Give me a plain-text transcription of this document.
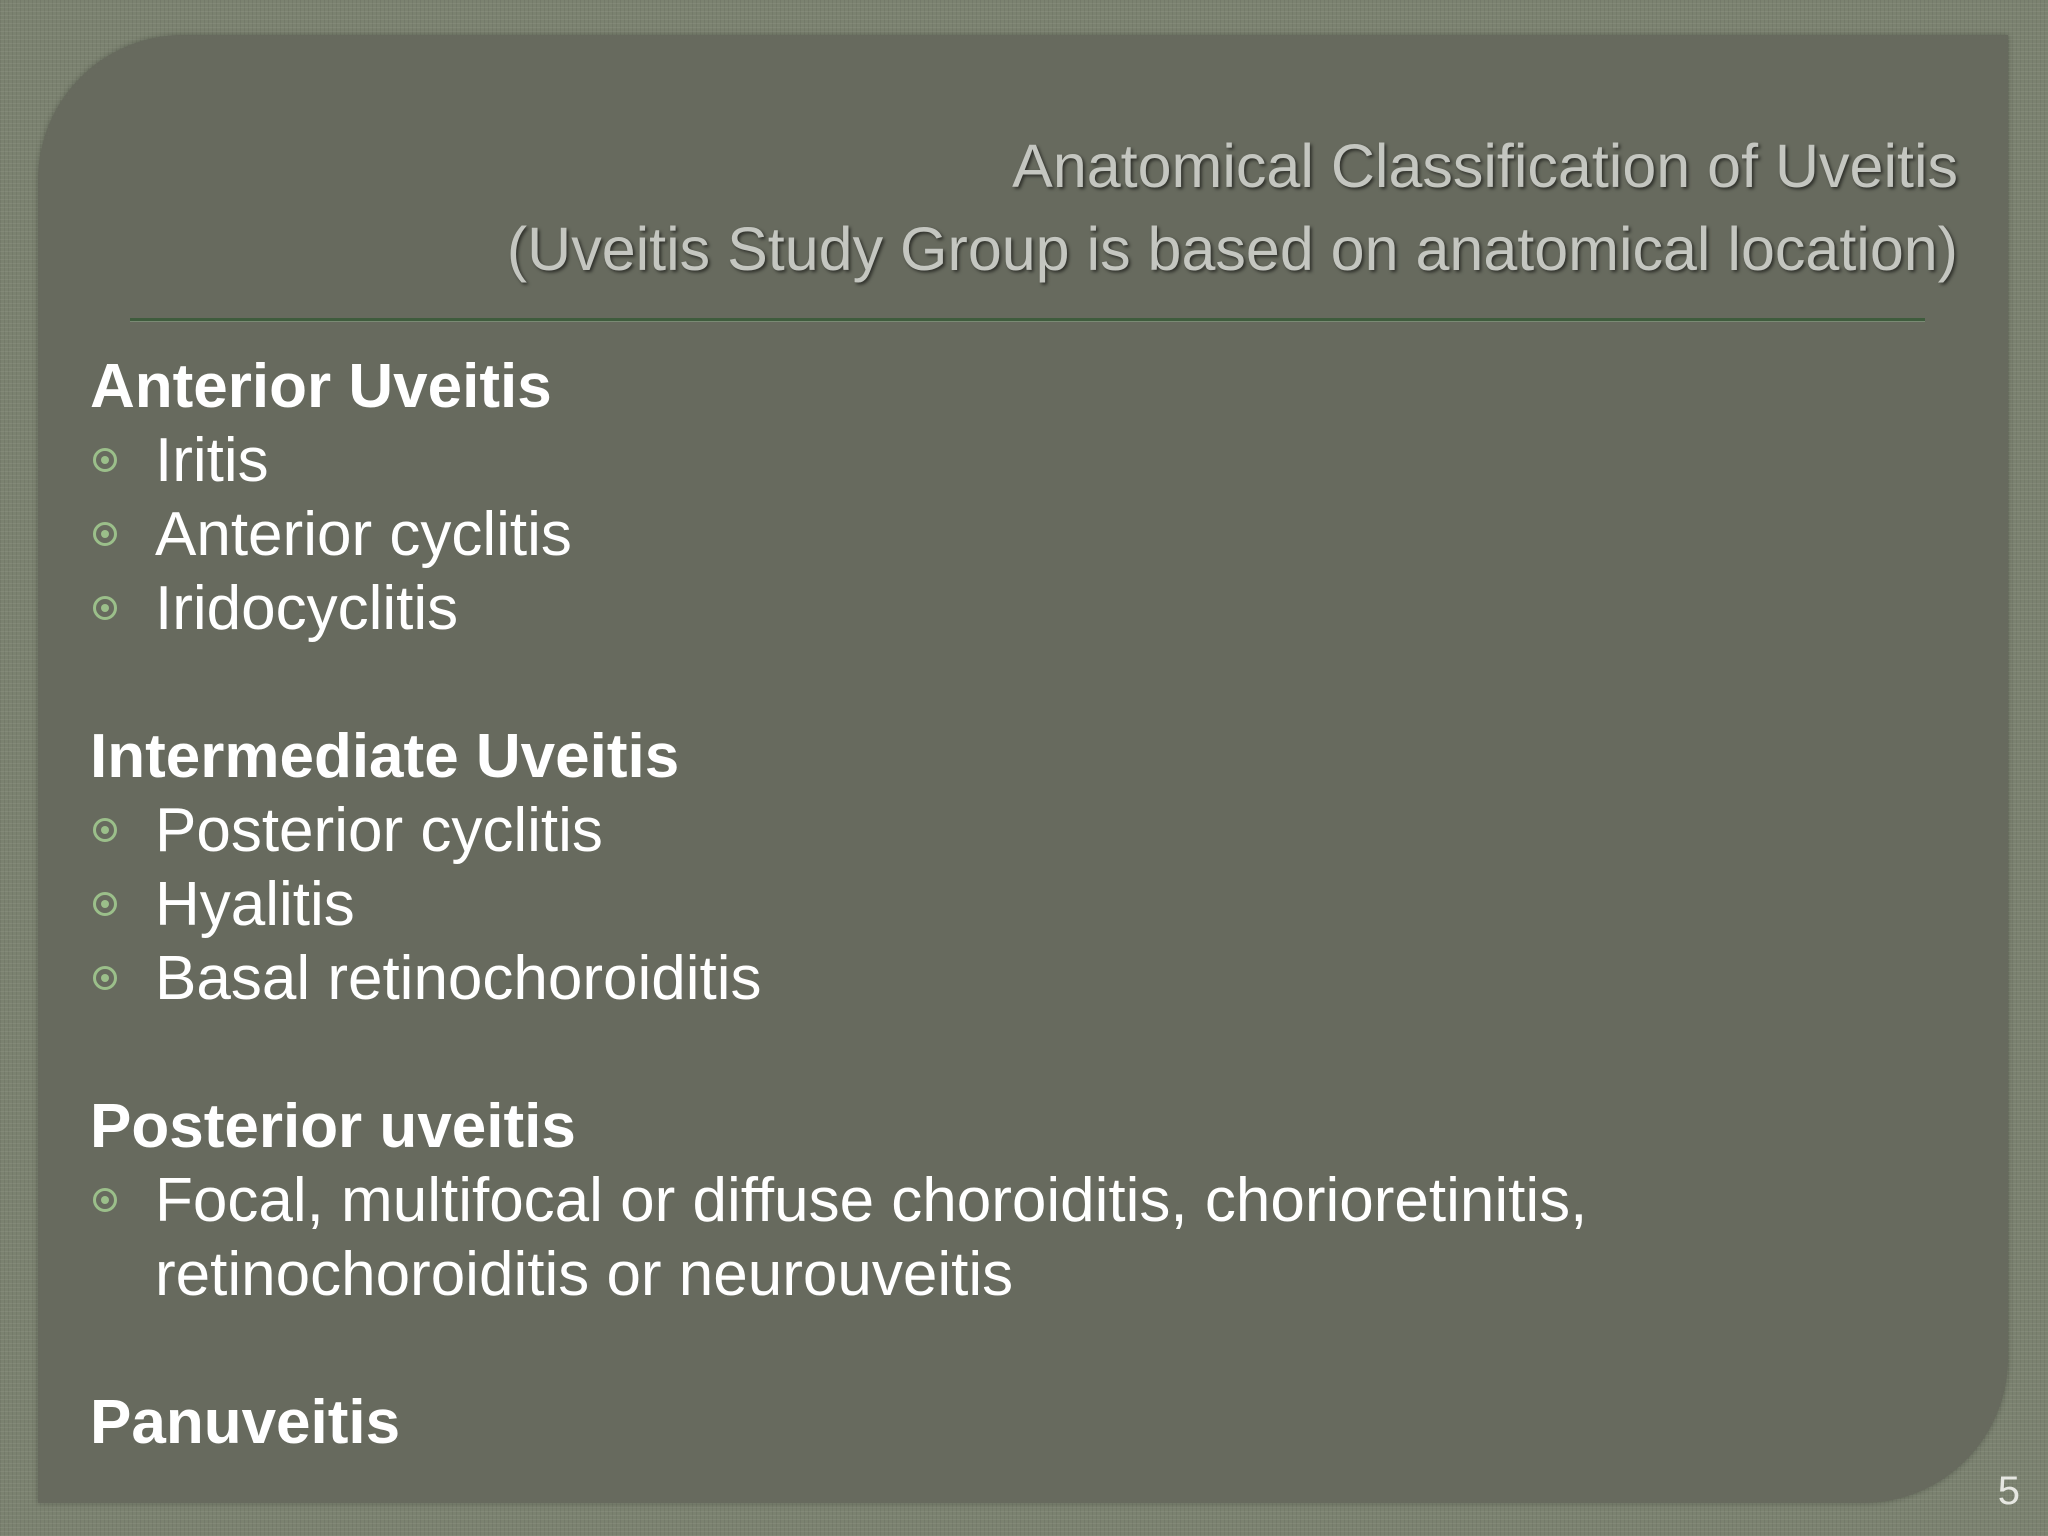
Anatomical Classification of Uveitis
(Uveitis Study Group is based on anatomical location)
Anterior Uveitis
Iritis
Anterior cyclitis
Iridocyclitis
Intermediate Uveitis
Posterior cyclitis
Hyalitis
Basal retinochoroiditis
Posterior uveitis
Focal, multifocal or diffuse choroiditis, chorioretinitis, retinochoroiditis or neurouveitis
Panuveitis
5
